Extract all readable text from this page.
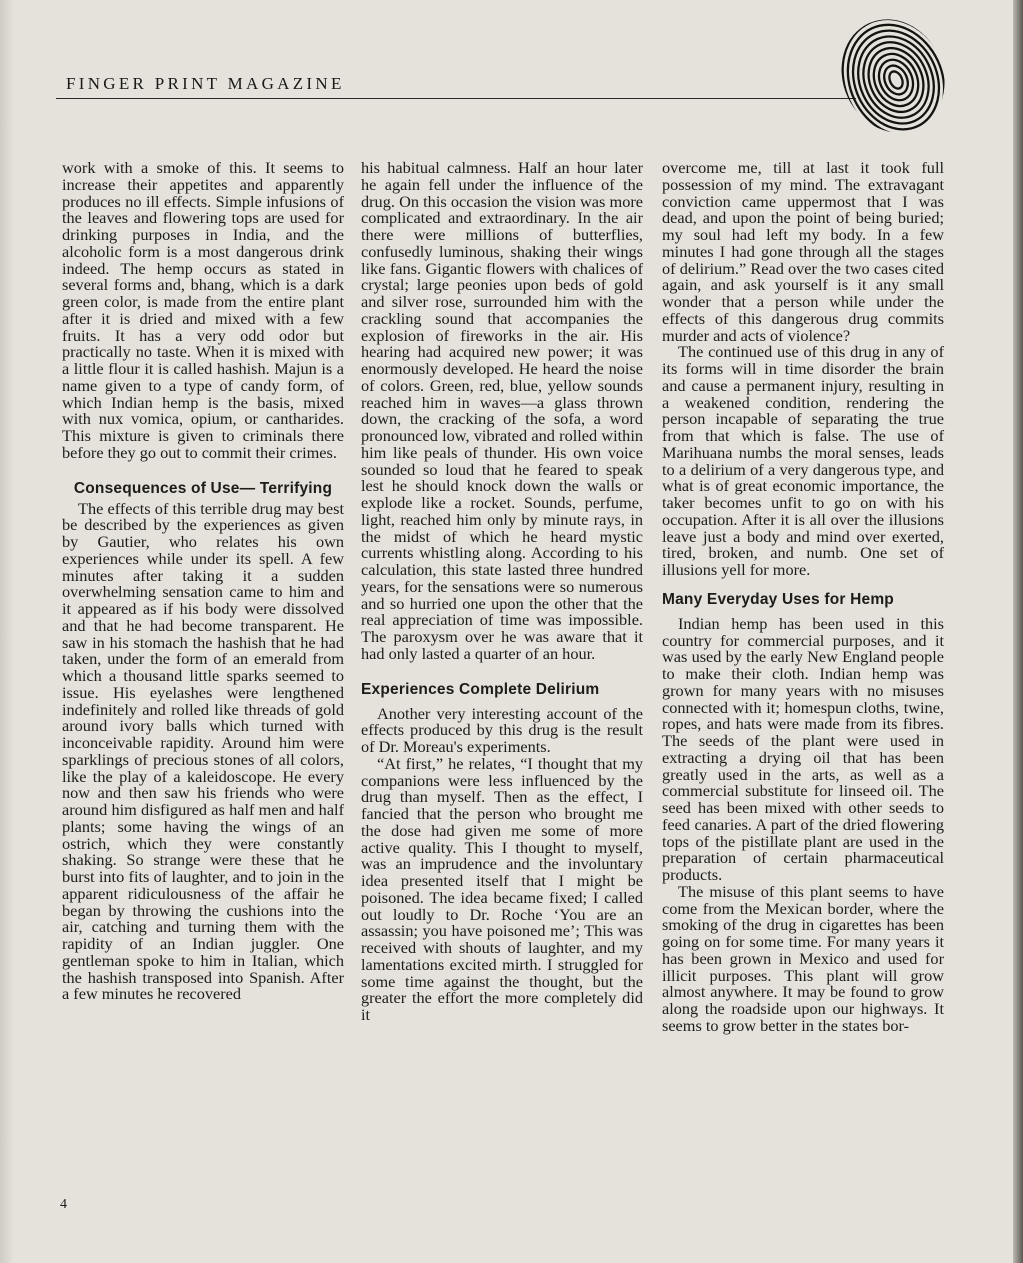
FINGER PRINT MAGAZINE

work with a smoke of this. It seems to increase their appetites and apparently produces no ill effects. Simple infusions of the leaves and flowering tops are used for drinking purposes in India, and the alcoholic form is a most dangerous drink indeed. The hemp occurs as stated in several forms and, bhang, which is a dark green color, is made from the entire plant after it is dried and mixed with a few fruits. It has a very odd odor but practically no taste. When it is mixed with a little flour it is called hashish. Majun is a name given to a type of candy form, of which Indian hemp is the basis, mixed with nux vomica, opium, or cantharides. This mixture is given to criminals there before they go out to commit their crimes.

Consequences of Use— Terrifying

The effects of this terrible drug may best be described by the experiences as given by Gautier, who relates his own experiences while under its spell. A few minutes after taking it a sudden overwhelming sensation came to him and it appeared as if his body were dissolved and that he had become transparent. He saw in his stomach the hashish that he had taken, under the form of an emerald from which a thousand little sparks seemed to issue. His eyelashes were lengthened indefinitely and rolled like threads of gold around ivory balls which turned with inconceivable rapidity. Around him were sparklings of precious stones of all colors, like the play of a kaleidoscope. He every now and then saw his friends who were around him disfigured as half men and half plants; some having the wings of an ostrich, which they were constantly shaking. So strange were these that he burst into fits of laughter, and to join in the apparent ridiculousness of the affair he began by throwing the cushions into the air, catching and turning them with the rapidity of an Indian juggler. One gentleman spoke to him in Italian, which the hashish transposed into Spanish. After a few minutes he recovered

his habitual calmness. Half an hour later he again fell under the influence of the drug. On this occasion the vision was more complicated and extraordinary. In the air there were millions of butterflies, confusedly luminous, shaking their wings like fans. Gigantic flowers with chalices of crystal; large peonies upon beds of gold and silver rose, surrounded him with the crackling sound that accompanies the explosion of fireworks in the air. His hearing had acquired new power; it was enormously developed. He heard the noise of colors. Green, red, blue, yellow sounds reached him in waves—a glass thrown down, the cracking of the sofa, a word pronounced low, vibrated and rolled within him like peals of thunder. His own voice sounded so loud that he feared to speak lest he should knock down the walls or explode like a rocket. Sounds, perfume, light, reached him only by minute rays, in the midst of which he heard mystic currents whistling along. According to his calculation, this state lasted three hundred years, for the sensations were so numerous and so hurried one upon the other that the real appreciation of time was impossible. The paroxysm over he was aware that it had only lasted a quarter of an hour.

Experiences Complete Delirium

Another very interesting account of the effects produced by this drug is the result of Dr. Moreau's experiments.

“At first,” he relates, “I thought that my companions were less influenced by the drug than myself. Then as the effect, I fancied that the person who brought me the dose had given me some of more active quality. This I thought to myself, was an imprudence and the involuntary idea presented itself that I might be poisoned. The idea became fixed; I called out loudly to Dr. Roche ‘You are an assassin; you have poisoned me’; This was received with shouts of laughter, and my lamentations excited mirth. I struggled for some time against the thought, but the greater the effort the more completely did it

overcome me, till at last it took full possession of my mind. The extravagant conviction came uppermost that I was dead, and upon the point of being buried; my soul had left my body. In a few minutes I had gone through all the stages of delirium.” Read over the two cases cited again, and ask yourself is it any small wonder that a person while under the effects of this dangerous drug commits murder and acts of violence?

The continued use of this drug in any of its forms will in time disorder the brain and cause a permanent injury, resulting in a weakened condition, rendering the person incapable of separating the true from that which is false. The use of Marihuana numbs the moral senses, leads to a delirium of a very dangerous type, and what is of great economic importance, the taker becomes unfit to go on with his occupation. After it is all over the illusions leave just a body and mind over exerted, tired, broken, and numb. One set of illusions yell for more.

Many Everyday Uses for Hemp

Indian hemp has been used in this country for commercial purposes, and it was used by the early New England people to make their cloth. Indian hemp was grown for many years with no misuses connected with it; homespun cloths, twine, ropes, and hats were made from its fibres. The seeds of the plant were used in extracting a drying oil that has been greatly used in the arts, as well as a commercial substitute for linseed oil. The seed has been mixed with other seeds to feed canaries. A part of the dried flowering tops of the pistillate plant are used in the preparation of certain pharmaceutical products.

The misuse of this plant seems to have come from the Mexican border, where the smoking of the drug in cigarettes has been going on for some time. For many years it has been grown in Mexico and used for illicit purposes. This plant will grow almost anywhere. It may be found to grow along the roadside upon our highways. It seems to grow better in the states bor-

4
